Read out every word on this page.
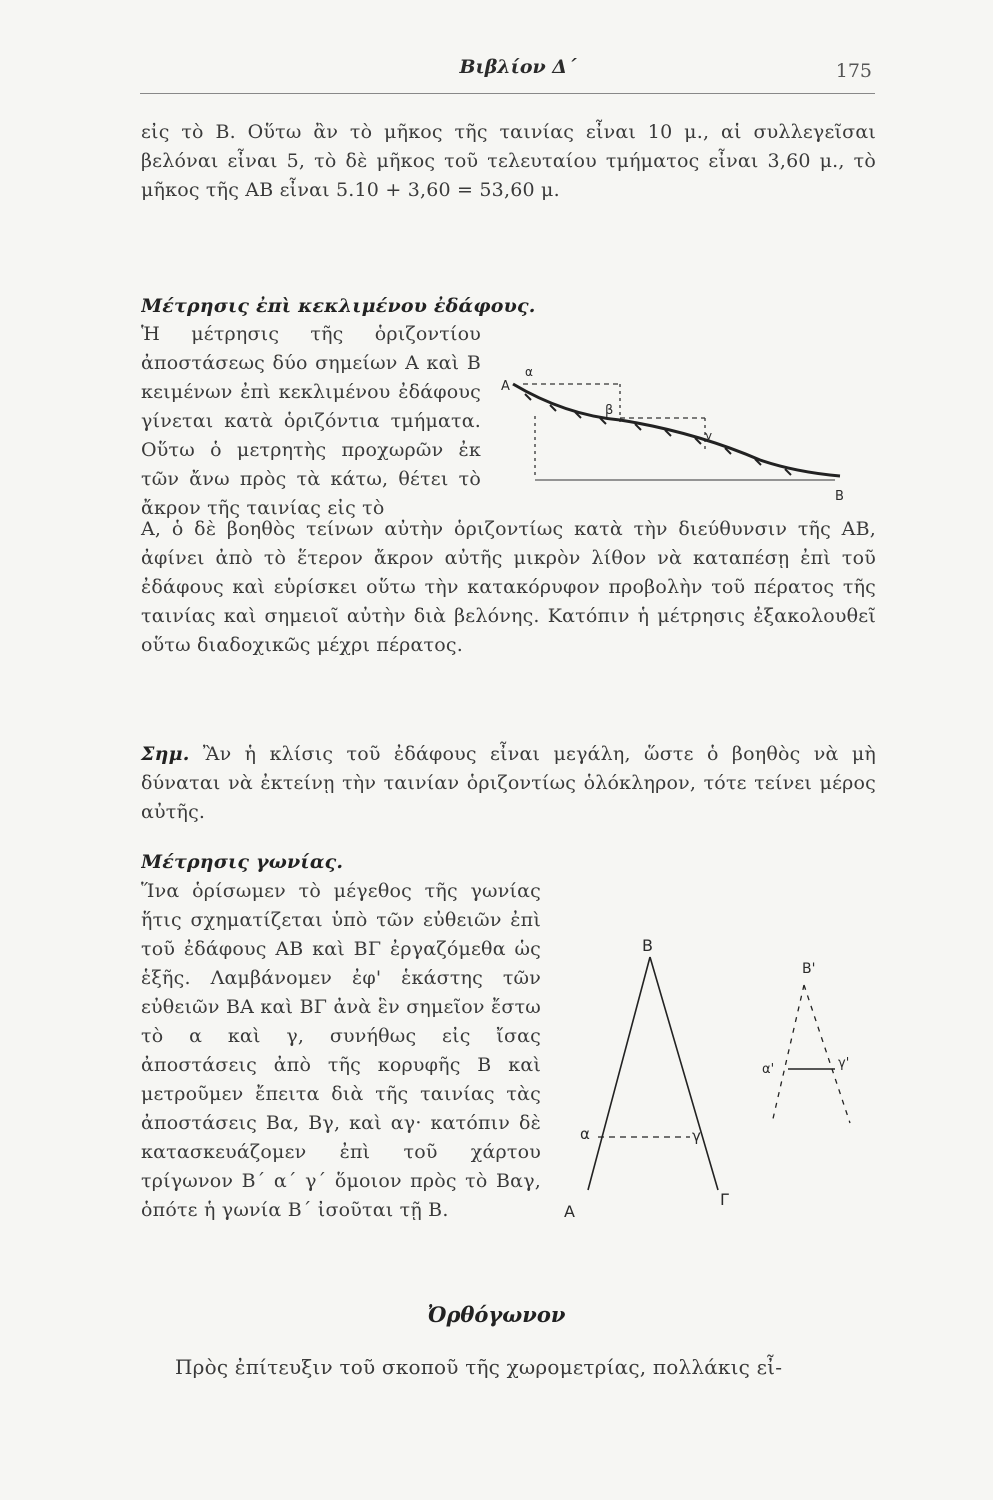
Βιβλίον Δ΄	175
εἰς τὸ Β. Οὕτω ἂν τὸ μῆκος τῆς ταινίας εἶναι 10 μ., αἱ συλλεγεῖσαι βελόναι εἶναι 5, τὸ δὲ μῆκος τοῦ τελευταίου τμήματος εἶναι 3,60 μ., τὸ μῆκος τῆς ΑΒ εἶναι 5.10 + 3,60 = 53,60 μ.
Μέτρησις ἐπὶ κεκλιμένου ἐδάφους.
Ἡ μέτρησις τῆς ὁριζοντίου ἀποστάσεως δύο σημείων Α καὶ Β κειμένων ἐπὶ κεκλιμένου ἐδάφους γίνεται κατὰ ὁριζόντια τμήματα. Οὕτω ὁ μετρητὴς προχωρῶν ἐκ τῶν ἄνω πρὸς τὰ κάτω, θέτει τὸ ἄκρον τῆς ταινίας εἰς τὸ
Α, ὁ δὲ βοηθὸς τείνων αὐτὴν ὁριζοντίως κατὰ τὴν διεύθυνσιν τῆς ΑΒ, ἀφίνει ἀπὸ τὸ ἕτερον ἄκρον αὐτῆς μικρὸν λίθον νὰ καταπέσῃ ἐπὶ τοῦ ἐδάφους καὶ εὑρίσκει οὕτω τὴν κατακόρυφον προβολὴν τοῦ πέρατος τῆς ταινίας καὶ σημειοῖ αὐτὴν διὰ βελόνης. Κατόπιν ἡ μέτρησις ἐξακολουθεῖ οὕτω διαδοχικῶς μέχρι πέρατος.
A
α
β
γ
B
Σημ. Ἂν ἡ κλίσις τοῦ ἐδάφους εἶναι μεγάλη, ὥστε ὁ βοηθὸς νὰ μὴ δύναται νὰ ἐκτείνῃ τὴν ταινίαν ὁριζοντίως ὁλόκληρον, τότε τείνει μέρος αὐτῆς.
Μέτρησις γωνίας.
Ἵνα ὁρίσωμεν τὸ μέγεθος τῆς γωνίας ἥτις σχηματίζεται ὑπὸ τῶν εὐθειῶν ἐπὶ τοῦ ἐδάφους ΑΒ καὶ ΒΓ ἐργαζόμεθα ὡς ἑξῆς. Λαμβάνομεν ἐφ' ἑκάστης τῶν εὐθειῶν ΒΑ καὶ ΒΓ ἀνὰ ἓν σημεῖον ἔστω τὸ α καὶ γ, συνήθως εἰς ἴσας ἀποστάσεις ἀπὸ τῆς κορυφῆς Β καὶ μετροῦμεν ἔπειτα διὰ τῆς ταινίας τὰς ἀποστάσεις Βα, Βγ, καὶ αγ· κατόπιν δὲ κατασκευάζομεν ἐπὶ τοῦ χάρτου τρίγωνον Β΄ α΄ γ΄ ὅμοιον πρὸς τὸ Βαγ, ὁπότε ἡ γωνία Β΄ ἰσοῦται τῇ Β.
B
α	γ
A
Γ
B'
α'	γ'
Ὀρθόγωνον
Πρὸς ἐπίτευξιν τοῦ σκοποῦ τῆς χωρομετρίας, πολλάκις εἶ-
